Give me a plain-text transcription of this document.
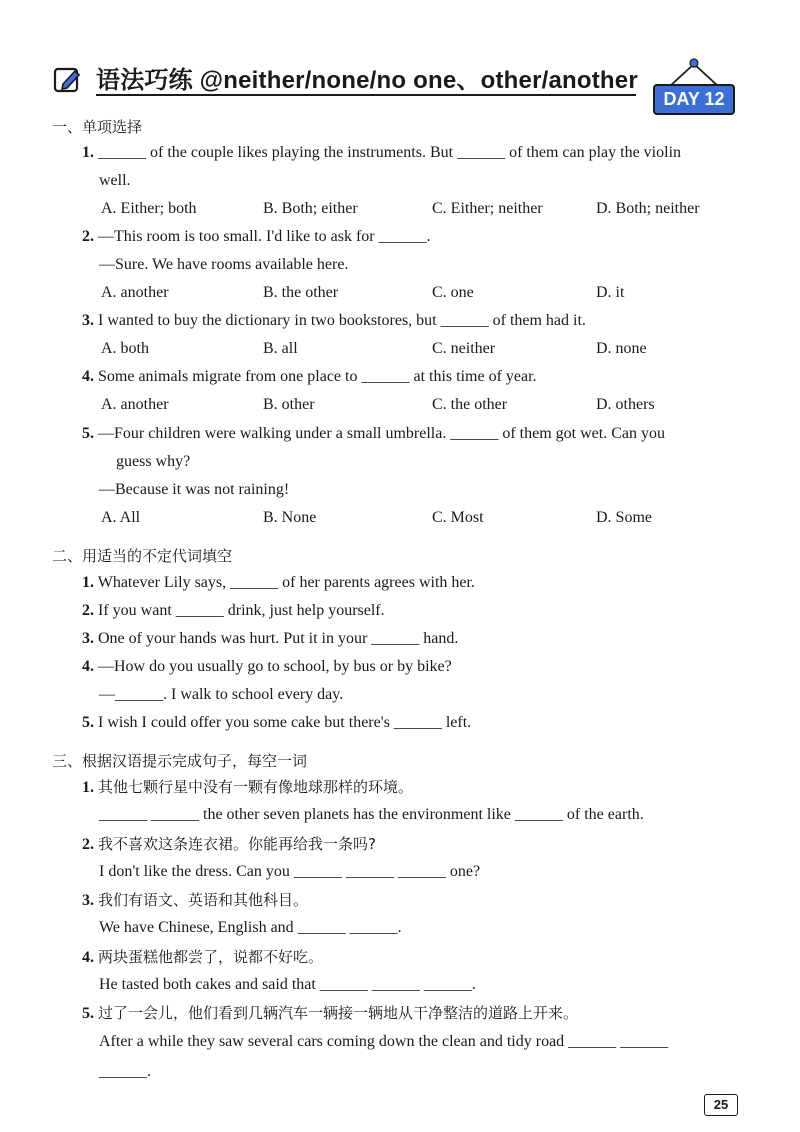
语法巧练 @neither/none/no one、other/another
DAY 12
一、单项选择
1. ______ of the couple likes playing the instruments. But ______ of them can play the violin
well.
A. Either; both	B. Both; either	C. Either; neither	D. Both; neither
2. —This room is too small. I'd like to ask for ______.
—Sure. We have rooms available here.
A. another	B. the other	C. one	D. it
3. I wanted to buy the dictionary in two bookstores, but ______ of them had it.
A. both	B. all	C. neither	D. none
4. Some animals migrate from one place to ______ at this time of year.
A. another	B. other	C. the other	D. others
5. —Four children were walking under a small umbrella. ______ of them got wet. Can you
guess why?
—Because it was not raining!
A. All	B. None	C. Most	D. Some
二、用适当的不定代词填空
1. Whatever Lily says, ______ of her parents agrees with her.
2. If you want ______ drink, just help yourself.
3. One of your hands was hurt. Put it in your ______ hand.
4. —How do you usually go to school, by bus or by bike?
—______. I walk to school every day.
5. I wish I could offer you some cake but there's ______ left.
三、根据汉语提示完成句子，每空一词
1. 其他七颗行星中没有一颗有像地球那样的环境。
______ ______ the other seven planets has the environment like ______ of the earth.
2. 我不喜欢这条连衣裙。你能再给我一条吗?
I don't like the dress. Can you ______ ______ ______ one?
3. 我们有语文、英语和其他科目。
We have Chinese, English and ______ ______.
4. 两块蛋糕他都尝了，说都不好吃。
He tasted both cakes and said that ______ ______ ______.
5. 过了一会儿，他们看到几辆汽车一辆接一辆地从干净整洁的道路上开来。
After a while they saw several cars coming down the clean and tidy road ______ ______
______.
25
